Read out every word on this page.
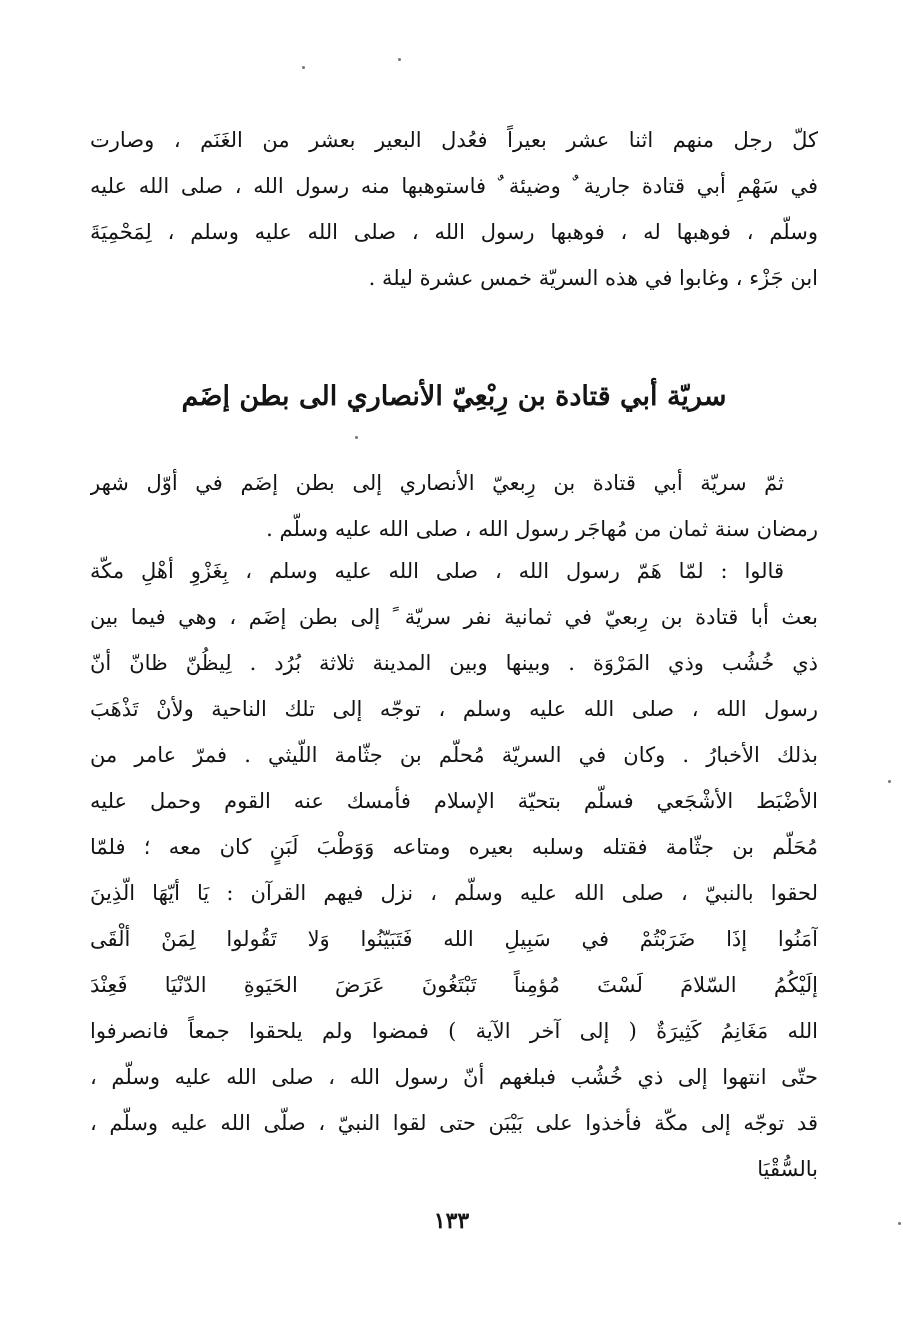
كلّ رجل منهم اثنا عشر بعيراً فعُدل البعير بعشر من الغَنَم ، وصارت
في سَهْمِ أبي قتادة جارية ٌ وضيئة ٌ فاستوهبها منه رسول الله ، صلى الله عليه
وسلّم ، فوهبها له ، فوهبها رسول الله ، صلى الله عليه وسلم ، لِمَحْمِيَةَ
ابن جَزْء ، وغابوا في هذه السريّة خمس عشرة ليلة .
سريّة أبي قتادة بن رِبْعِيّ الأنصاري الى بطن إضَم
ثمّ سريّة أبي قتادة بن رِبعيّ الأنصاري إلى بطن إضَم في أوّل شهر
رمضان سنة ثمان من مُهاجَر رسول الله ، صلى الله عليه وسلّم .
قالوا : لمّا هَمّ رسول الله ، صلى الله عليه وسلم ، بِغَزْوِ أهْلِ مكّة
بعث أبا قتادة بن رِبعيّ في ثمانية نفر سريّة ً إلى بطن إضَم ، وهي فيما بين
ذي خُشُب وذي المَرْوَة . وبينها وبين المدينة ثلاثة بُرُد . لِيظُنّ ظانّ أنّ
رسول الله ، صلى الله عليه وسلم ، توجّه إلى تلك الناحية ولأنْ تَذْهَبَ
بذلك الأخبارُ . وكان في السريّة مُحلّم بن جثّامة اللّيثي . فمرّ عامر من
الأضْبَط الأشْجَعي فسلّم بتحيّة الإسلام فأمسك عنه القوم وحمل عليه
مُحَلّم بن جثّامة فقتله وسلبه بعيره ومتاعه وَوَطْبَ لَبَنٍ كان معه ؛ فلمّا
لحقوا بالنبيّ ، صلى الله عليه وسلّم ، نزل فيهم القرآن : يَا أيّهَا الّذِينَ
آمَنُوا إذَا ضَرَبْتُمْ في سَبِيلِ الله فَتَبَيّنُوا وَلا تَقُولوا لِمَنْ ألْقَى
إلَيْكُمُ السّلامَ لَسْتَ مُؤمِناً تَبْتَغُونَ عَرَضَ الحَيَوةِ الدّنْيَا فَعِنْدَ
الله مَغَانِمُ كَثِيرَةٌ ( إلى آخر الآية ) فمضوا ولم يلحقوا جمعاً فانصرفوا
حتّى انتهوا إلى ذي خُشُب فبلغهم أنّ رسول الله ، صلى الله عليه وسلّم ،
قد توجّه إلى مكّة فأخذوا على بَيْبَن حتى لقوا النبيّ ، صلّى الله عليه وسلّم ،
بالسُّقْيَا
١٣٣
